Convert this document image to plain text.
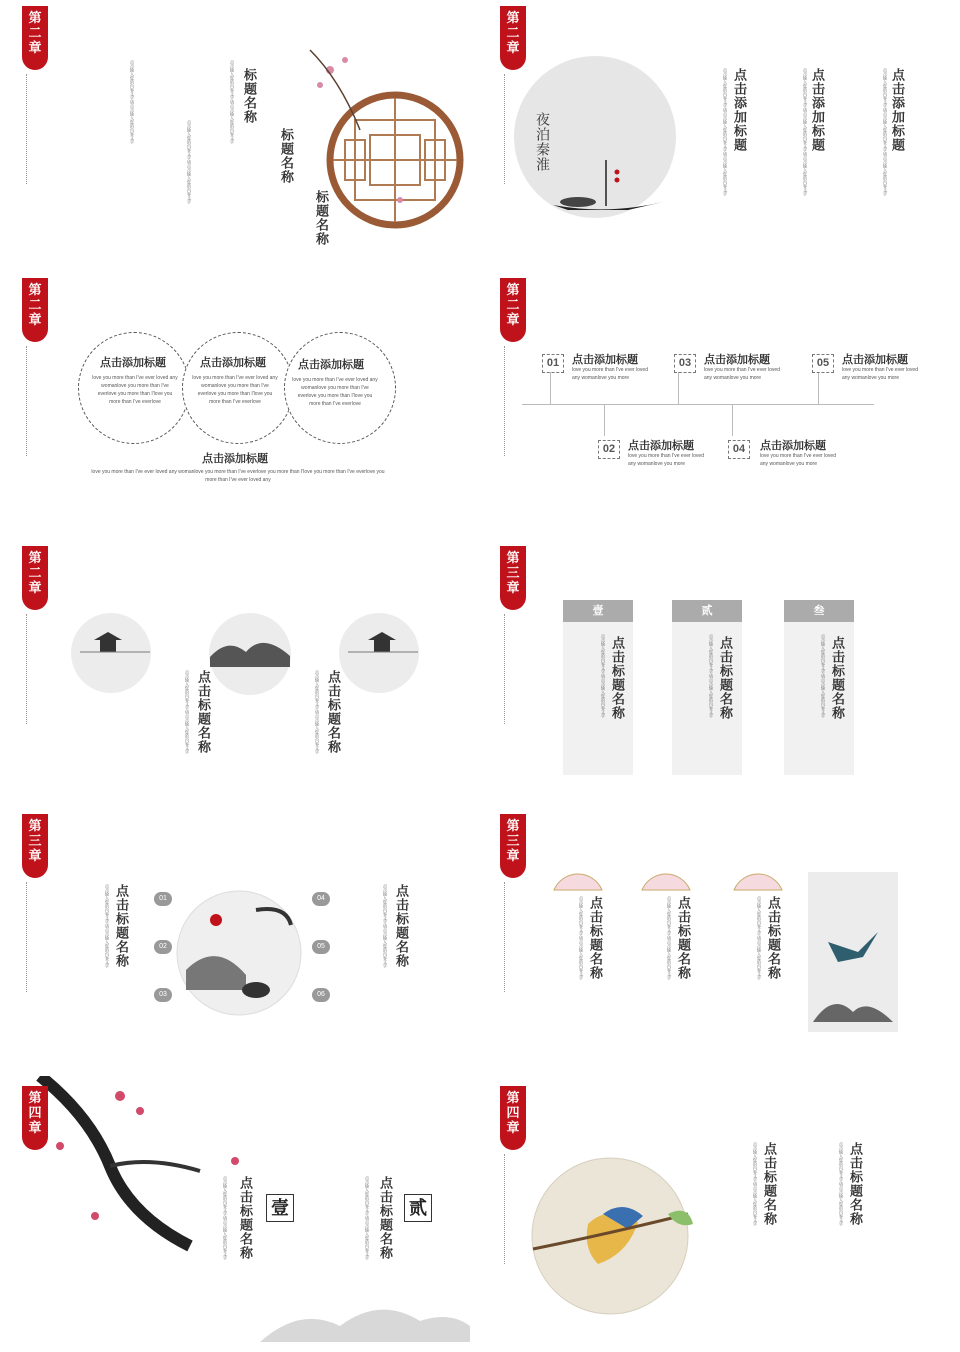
第
二
章
标题名称
标题名称
标题名称
点击输入您的内容文字请点击输入您的内容文字
点击输入您的内容文字请点击输入您的内容文字
点击输入您的内容文字请点击输入您的内容文字
第
二
章
夜泊秦淮	点击添加标题	点击添加标题	点击添加标题
点击输入您的内容文字请点击输入您的内容文字请点击输入您的内容文字	点击输入您的内容文字请点击输入您的内容文字请点击输入您的内容文字	点击输入您的内容文字请点击输入您的内容文字请点击输入您的内容文字
第
二
章
点击添加标题	点击添加标题	点击添加标题
love you more than I've ever loved any womanlove you more than I've everlove you more than I'love you more than I've everlove
love you more than I've ever loved any womanlove you more than I've everlove you more than I'love you more than I've everlove
love you more than I've ever loved any womanlove you more than I've everlove you more than I'love you more than I've everlove
点击添加标题
love you more than I've ever loved any womanlove you more than I've everlove you more than I'love you more than I've everlove you more than I've ever loved any
第
二
章
01	点击添加标题
love you more than I've ever loved any womanlove you more
03	点击添加标题
love you more than I've ever loved any womanlove you more
05	点击添加标题
love you more than I've ever loved any womanlove you more
02	点击添加标题
love you more than I've ever loved any womanlove you more
04	点击添加标题
love you more than I've ever loved any womanlove you more
第
二
章
点击标题名称	点击标题名称
点击输入您的内容文字请点击输入您的内容文字	点击输入您的内容文字请点击输入您的内容文字
第
三
章
壹	贰	叁
点击标题名称	点击标题名称	点击标题名称
点击输入您的内容文字请点击输入您的内容文字	点击输入您的内容文字请点击输入您的内容文字	点击输入您的内容文字请点击输入您的内容文字
第
三
章
点击标题名称
点击输入您的内容文字请点击输入您的内容文字	01
02
03
04
05
06
点击标题名称
点击输入您的内容文字请点击输入您的内容文字
第
三
章
点击标题名称	点击标题名称	点击标题名称
点击输入您的内容文字请点击输入您的内容文字	点击输入您的内容文字请点击输入您的内容文字	点击输入您的内容文字请点击输入您的内容文字
第
四
章
壹	贰
点击标题名称	点击标题名称
点击输入您的内容文字请点击输入您的内容文字	点击输入您的内容文字请点击输入您的内容文字
第
四
章
点击标题名称	点击标题名称
点击输入您的内容文字请点击输入您的内容文字	点击输入您的内容文字请点击输入您的内容文字
